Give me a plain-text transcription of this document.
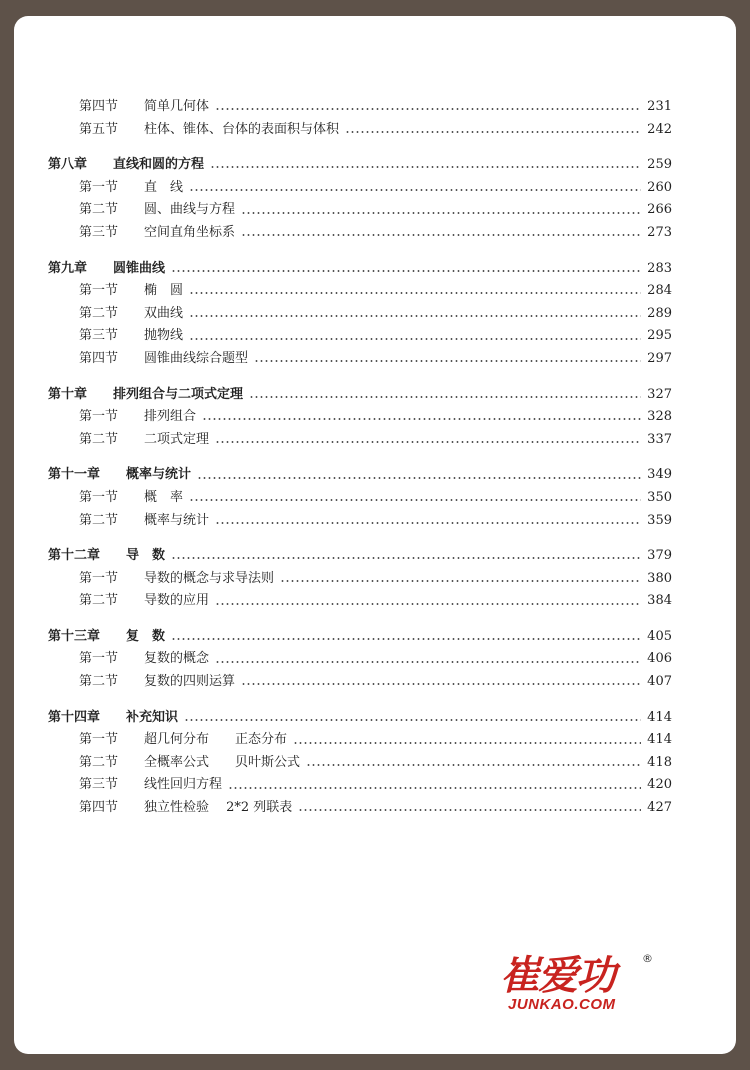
第四节　　简单几何体	231
第五节　　柱体、锥体、台体的表面积与体积	242
第八章　　直线和圆的方程	259
第一节　　直　线	260
第二节　　圆、曲线与方程	266
第三节　　空间直角坐标系	273
第九章　　圆锥曲线	283
第一节　　椭　圆	284
第二节　　双曲线	289
第三节　　抛物线	295
第四节　　圆锥曲线综合题型	297
第十章　　排列组合与二项式定理	327
第一节　　排列组合	328
第二节　　二项式定理	337
第十一章　　概率与统计	349
第一节　　概　率	350
第二节　　概率与统计	359
第十二章　　导　数	379
第一节　　导数的概念与求导法则	380
第二节　　导数的应用	384
第十三章　　复　数	405
第一节　　复数的概念	406
第二节　　复数的四则运算	407
第十四章　　补充知识	414
第一节　　超几何分布　　正态分布	414
第二节　　全概率公式　　贝叶斯公式	418
第三节　　线性回归方程	420
第四节　　独立性检验　 2*2 列联表	427
崔爱功	®
JUNKAO.COM
